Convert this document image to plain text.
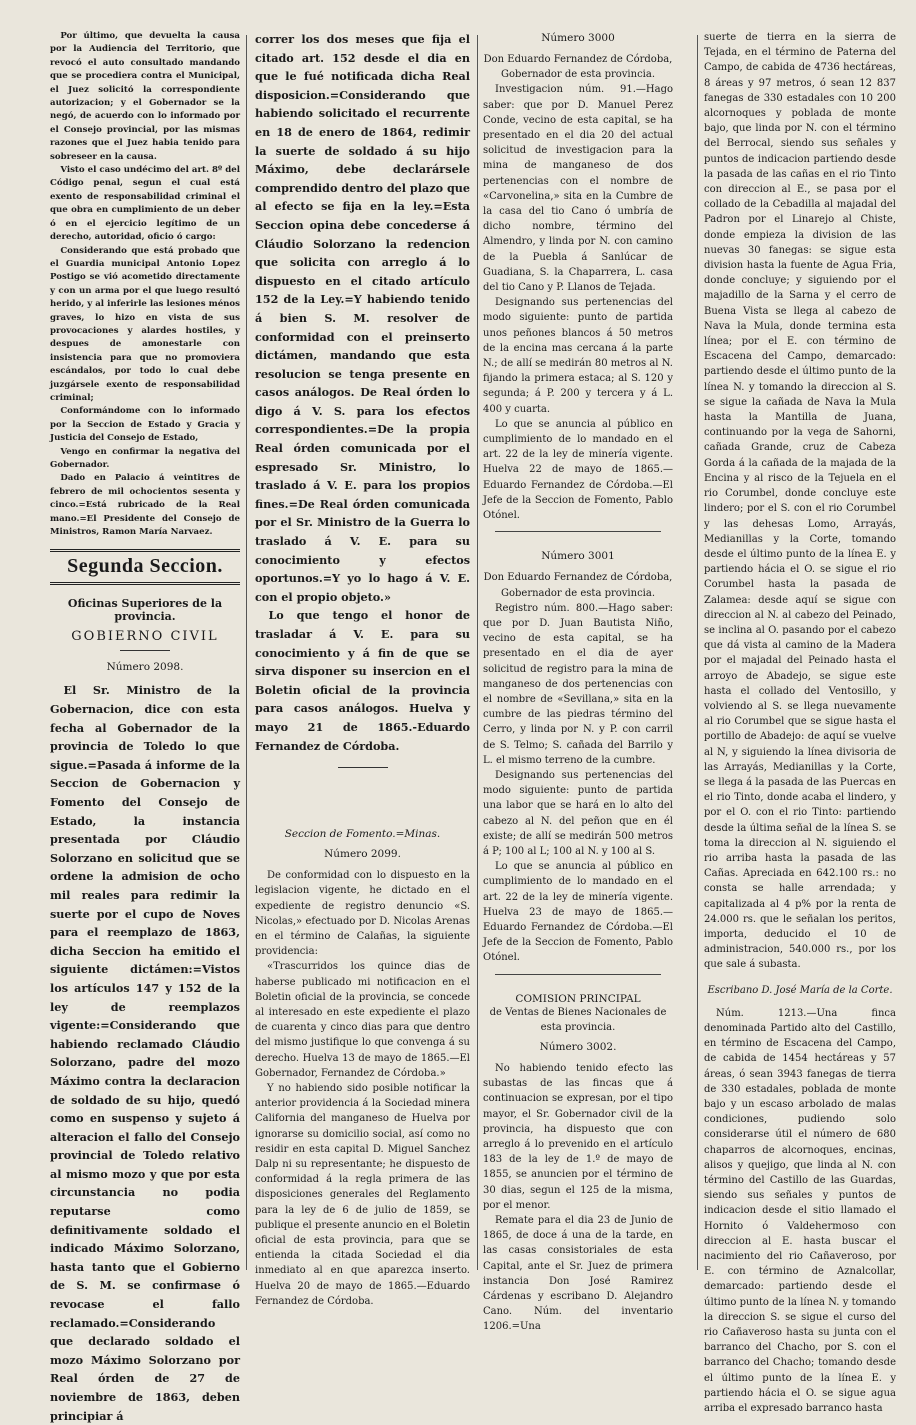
Por último, que devuelta la causa por la Audiencia del Territorio, que revocó el auto consultado mandando que se procediera contra el Municipal, el Juez solicitó la correspondiente autorizacion; y el Gobernador se la negó, de acuerdo con lo informado por el Consejo provincial, por las mismas razones que el Juez habia tenido para sobreseer en la causa.

Visto el caso undécimo del art. 8º del Código penal, segun el cual está exento de responsabilidad criminal el que obra en cumplimiento de un deber ó en el ejercicio legítimo de un derecho, autoridad, oficio ó cargo:

Considerando que está probado que el Guardia municipal Antonio Lopez Postigo se vió acometido directamente y con un arma por el que luego resultó herido, y al inferirle las lesiones ménos graves, lo hizo en vista de sus provocaciones y alardes hostiles, y despues de amonestarle con insistencia para que no promoviera escándalos, por todo lo cual debe juzgársele exento de responsabilidad criminal;

Conformándome con lo informado por la Seccion de Estado y Gracia y Justicia del Consejo de Estado,

Vengo en confirmar la negativa del Gobernador.

Dado en Palacio á veintitres de febrero de mil ochocientos sesenta y cinco.=Está rubricado de la Real mano.=El Presidente del Consejo de Ministros, Ramon María Narvaez.

Segunda Seccion.
Oficinas Superiores de la provincia.
GOBIERNO CIVIL
Número 2098.

El Sr. Ministro de la Gobernacion, dice con esta fecha al Gobernador de la provincia de Toledo lo que sigue.=Pasada á informe de la Seccion de Gobernacion y Fomento del Consejo de Estado, la instancia presentada por Cláudio Solorzano en solicitud que se ordene la admision de ocho mil reales para redimir la suerte por el cupo de Noves para el reemplazo de 1863, dicha Seccion ha emitido el siguiente dictámen:=Vistos los artículos 147 y 152 de la ley de reemplazos vigente:=Considerando que habiendo reclamado Cláudio Solorzano, padre del mozo Máximo contra la declaracion de soldado de su hijo, quedó como en suspenso y sujeto á alteracion el fallo del Consejo provincial de Toledo relativo al mismo mozo y que por esta circunstancia no podia reputarse como definitivamente soldado el indicado Máximo Solorzano, hasta tanto que el Gobierno de S. M. se confirmase ó revocase el fallo reclamado.=Considerando que declarado soldado el mozo Máximo Solorzano por Real órden de 27 de noviembre de 1863, deben principiar á

correr los dos meses que fija el citado art. 152 desde el dia en que le fué notificada dicha Real disposicion.=Considerando que habiendo solicitado el recurrente en 18 de enero de 1864, redimir la suerte de soldado á su hijo Máximo, debe declarársele comprendido dentro del plazo que al efecto se fija en la ley.=Esta Seccion opina debe concederse á Cláudio Solorzano la redencion que solicita con arreglo á lo dispuesto en el citado artículo 152 de la Ley.=Y habiendo tenido á bien S. M. resolver de conformidad con el preinserto dictámen, mandando que esta resolucion se tenga presente en casos análogos. De Real órden lo digo á V. S. para los efectos correspondientes.=De la propia Real órden comunicada por el espresado Sr. Ministro, lo traslado á V. E. para los propios fines.=De Real órden comunicada por el Sr. Ministro de la Guerra lo traslado á V. E. para su conocimiento y efectos oportunos.=Y yo lo hago á V. E. con el propio objeto.»

Lo que tengo el honor de trasladar á V. E. para su conocimiento y á fin de que se sirva disponer su insercion en el Boletin oficial de la provincia para casos análogos. Huelva y mayo 21 de 1865.-Eduardo Fernandez de Córdoba.

Seccion de Fomento.=Minas.
Número 2099.

De conformidad con lo dispuesto en la legislacion vigente, he dictado en el expediente de registro denuncio «S. Nicolas,» efectuado por D. Nicolas Arenas en el término de Calañas, la siguiente providencia:

«Trascurridos los quince dias de haberse publicado mi notificacion en el Boletin oficial de la provincia, se concede al interesado en este expediente el plazo de cuarenta y cinco dias para que dentro del mismo justifique lo que convenga á su derecho. Huelva 13 de mayo de 1865.—El Gobernador, Fernandez de Córdoba.»

Y no habiendo sido posible notificar la anterior providencia á la Sociedad minera California del manganeso de Huelva por ignorarse su domicilio social, así como no residir en esta capital D. Miguel Sanchez Dalp ni su representante; he dispuesto de conformidad á la regla primera de las disposiciones generales del Reglamento para la ley de 6 de julio de 1859, se publique el presente anuncio en el Boletin oficial de esta provincia, para que se entienda la citada Sociedad el dia inmediato al en que aparezca inserto. Huelva 20 de mayo de 1865.—Eduardo Fernandez de Córdoba.

Número 3000

Don Eduardo Fernandez de Córdoba, Gobernador de esta provincia.

Investigacion núm. 91.—Hago saber: que por D. Manuel Perez Conde, vecino de esta capital, se ha presentado en el dia 20 del actual solicitud de investigacion para la mina de manganeso de dos pertenencias con el nombre de «Carvonelina,» sita en la Cumbre de la casa del tio Cano ó umbría de dicho nombre, término del Almendro, y linda por N. con camino de la Puebla á Sanlúcar de Guadiana, S. la Chaparrera, L. casa del tio Cano y P. Llanos de Tejada.

Designando sus pertenencias del modo siguiente: punto de partida unos peñones blancos á 50 metros de la encina mas cercana á la parte N.; de allí se medirán 80 metros al N. fijando la primera estaca; al S. 120 y segunda; á P. 200 y tercera y á L. 400 y cuarta.

Lo que se anuncia al público en cumplimiento de lo mandado en el art. 22 de la ley de minería vigente. Huelva 22 de mayo de 1865.—Eduardo Fernandez de Córdoba.—El Jefe de la Seccion de Fomento, Pablo Otónel.

Número 3001

Don Eduardo Fernandez de Córdoba, Gobernador de esta provincia.

Registro núm. 800.—Hago saber: que por D. Juan Bautista Niño, vecino de esta capital, se ha presentado en el dia de ayer solicitud de registro para la mina de manganeso de dos pertenencias con el nombre de «Sevillana,» sita en la cumbre de las piedras término del Cerro, y linda por N. y P. con carril de S. Telmo; S. cañada del Barrilo y L. el mismo terreno de la cumbre.

Designando sus pertenencias del modo siguiente: punto de partida una labor que se hará en lo alto del cabezo al N. del peñon que en él existe; de allí se medirán 500 metros á P; 100 al L; 100 al N. y 100 al S.

Lo que se anuncia al público en cumplimiento de lo mandado en el art. 22 de la ley de minería vigente. Huelva 23 de mayo de 1865.—Eduardo Fernandez de Córdoba.—El Jefe de la Seccion de Fomento, Pablo Otónel.

COMISION PRINCIPAL

de Ventas de Bienes Nacionales de esta provincia.

Número 3002.

No habiendo tenido efecto las subastas de las fincas que á continuacion se expresan, por el tipo mayor, el Sr. Gobernador civil de la provincia, ha dispuesto que con arreglo á lo prevenido en el artículo 183 de la ley de 1.º de mayo de 1855, se anuncien por el término de 30 dias, segun el 125 de la misma, por el menor.

Remate para el dia 23 de Junio de 1865, de doce á una de la tarde, en las casas consistoriales de esta Capital, ante el Sr. Juez de primera instancia Don José Ramirez Cárdenas y escribano D. Alejandro Cano. Núm. del inventario 1206.=Una

suerte de tierra en la sierra de Tejada, en el término de Paterna del Campo, de cabida de 4736 hectáreas, 8 áreas y 97 metros, ó sean 12 837 fanegas de 330 estadales con 10 200 alcornoques y poblada de monte bajo, que linda por N. con el término del Berrocal, siendo sus señales y puntos de indicacion partiendo desde la pasada de las cañas en el rio Tinto con direccion al E., se pasa por el collado de la Cebadilla al majadal del Padron por el Linarejo al Chiste, donde empieza la division de las nuevas 30 fanegas: se sigue esta division hasta la fuente de Agua Fria, donde concluye; y siguiendo por el majadillo de la Sarna y el cerro de Buena Vista se llega al cabezo de Nava la Mula, donde termina esta línea; por el E. con término de Escacena del Campo, demarcado: partiendo desde el último punto de la línea N. y tomando la direccion al S. se sigue la cañada de Nava la Mula hasta la Mantilla de Juana, continuando por la vega de Sahorni, cañada Grande, cruz de Cabeza Gorda á la cañada de la majada de la Encina y al risco de la Tejuela en el rio Corumbel, donde concluye este lindero; por el S. con el rio Corumbel y las dehesas Lomo, Arrayás, Medianillas y la Corte, tomando desde el último punto de la línea E. y partiendo hácia el O. se sigue el rio Corumbel hasta la pasada de Zalamea: desde aquí se sigue con direccion al N. al cabezo del Peinado, se inclina al O. pasando por el cabezo que dá vista al camino de la Madera por el majadal del Peinado hasta el arroyo de Abadejo, se sigue este hasta el collado del Ventosillo, y volviendo al S. se llega nuevamente al rio Corumbel que se sigue hasta el portillo de Abadejo: de aquí se vuelve al N, y siguiendo la línea divisoria de las Arrayás, Medianillas y la Corte, se llega á la pasada de las Puercas en el rio Tinto, donde acaba el lindero, y por el O. con el rio Tinto: partiendo desde la última señal de la línea S. se toma la direccion al N. siguiendo el rio arriba hasta la pasada de las Cañas. Apreciada en 642.100 rs.: no consta se halle arrendada; y capitalizada al 4 p% por la renta de 24.000 rs. que le señalan los peritos, importa, deducido el 10 de administracion, 540.000 rs., por los que sale á subasta.

Escribano D. José María de la Corte.

Núm. 1213.—Una finca denominada Partido alto del Castillo, en término de Escacena del Campo, de cabida de 1454 hectáreas y 57 áreas, ó sean 3943 fanegas de tierra de 330 estadales, poblada de monte bajo y un escaso arbolado de malas condiciones, pudiendo solo considerarse útil el número de 680 chaparros de alcornoques, encinas, alisos y quejigo, que linda al N. con término del Castillo de las Guardas, siendo sus señales y puntos de indicacion desde el sitio llamado el Hornito ó Valdehermoso con direccion al E. hasta buscar el nacimiento del rio Cañaveroso, por E. con término de Aznalcollar, demarcado: partiendo desde el último punto de la línea N. y tomando la direccion S. se sigue el curso del rio Cañaveroso hasta su junta con el barranco del Chacho, por S. con el barranco del Chacho; tomando desde el último punto de la línea E. y partiendo hácia el O. se sigue agua arriba el expresado barranco hasta
